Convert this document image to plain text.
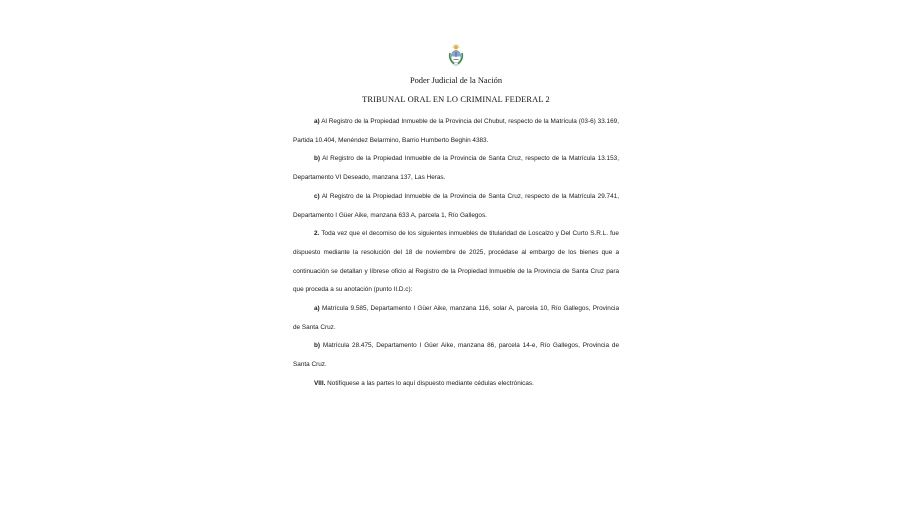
Poder Judicial de la Nación
TRIBUNAL ORAL EN LO CRIMINAL FEDERAL 2

a) Al Registro de la Propiedad Inmueble de la Provincia del Chubut, respecto de la Matrícula (03-6) 33.169, Partida 10.404, Menéndez Belarmino, Barrio Humberto Beghin 4383.

b) Al Registro de la Propiedad Inmueble de la Provincia de Santa Cruz, respecto de la Matrícula 13.153, Departamento VI Deseado, manzana 137, Las Heras.

c) Al Registro de la Propiedad Inmueble de la Provincia de Santa Cruz, respecto de la Matrícula 29.741, Departamento I Güer Aike, manzana 633 A, parcela 1, Río Gallegos.

2. Toda vez que el decomiso de los siguientes inmuebles de titularidad de Loscalzo y Del Curto S.R.L. fue dispuesto mediante la resolución del 18 de noviembre de 2025, procédase al embargo de los bienes que a continuación se detallan y líbrese oficio al Registro de la Propiedad Inmueble de la Provincia de Santa Cruz para que proceda a su anotación (punto II.D.c):

a) Matrícula 9.585, Departamento I Güer Aike, manzana 116, solar A, parcela 10, Río Gallegos, Provincia de Santa Cruz.

b) Matrícula 28.475, Departamento I Güer Aike, manzana 86, parcela 14-e, Río Gallegos, Provincia de Santa Cruz.

VIII. Notifíquese a las partes lo aquí dispuesto mediante cédulas electrónicas.
